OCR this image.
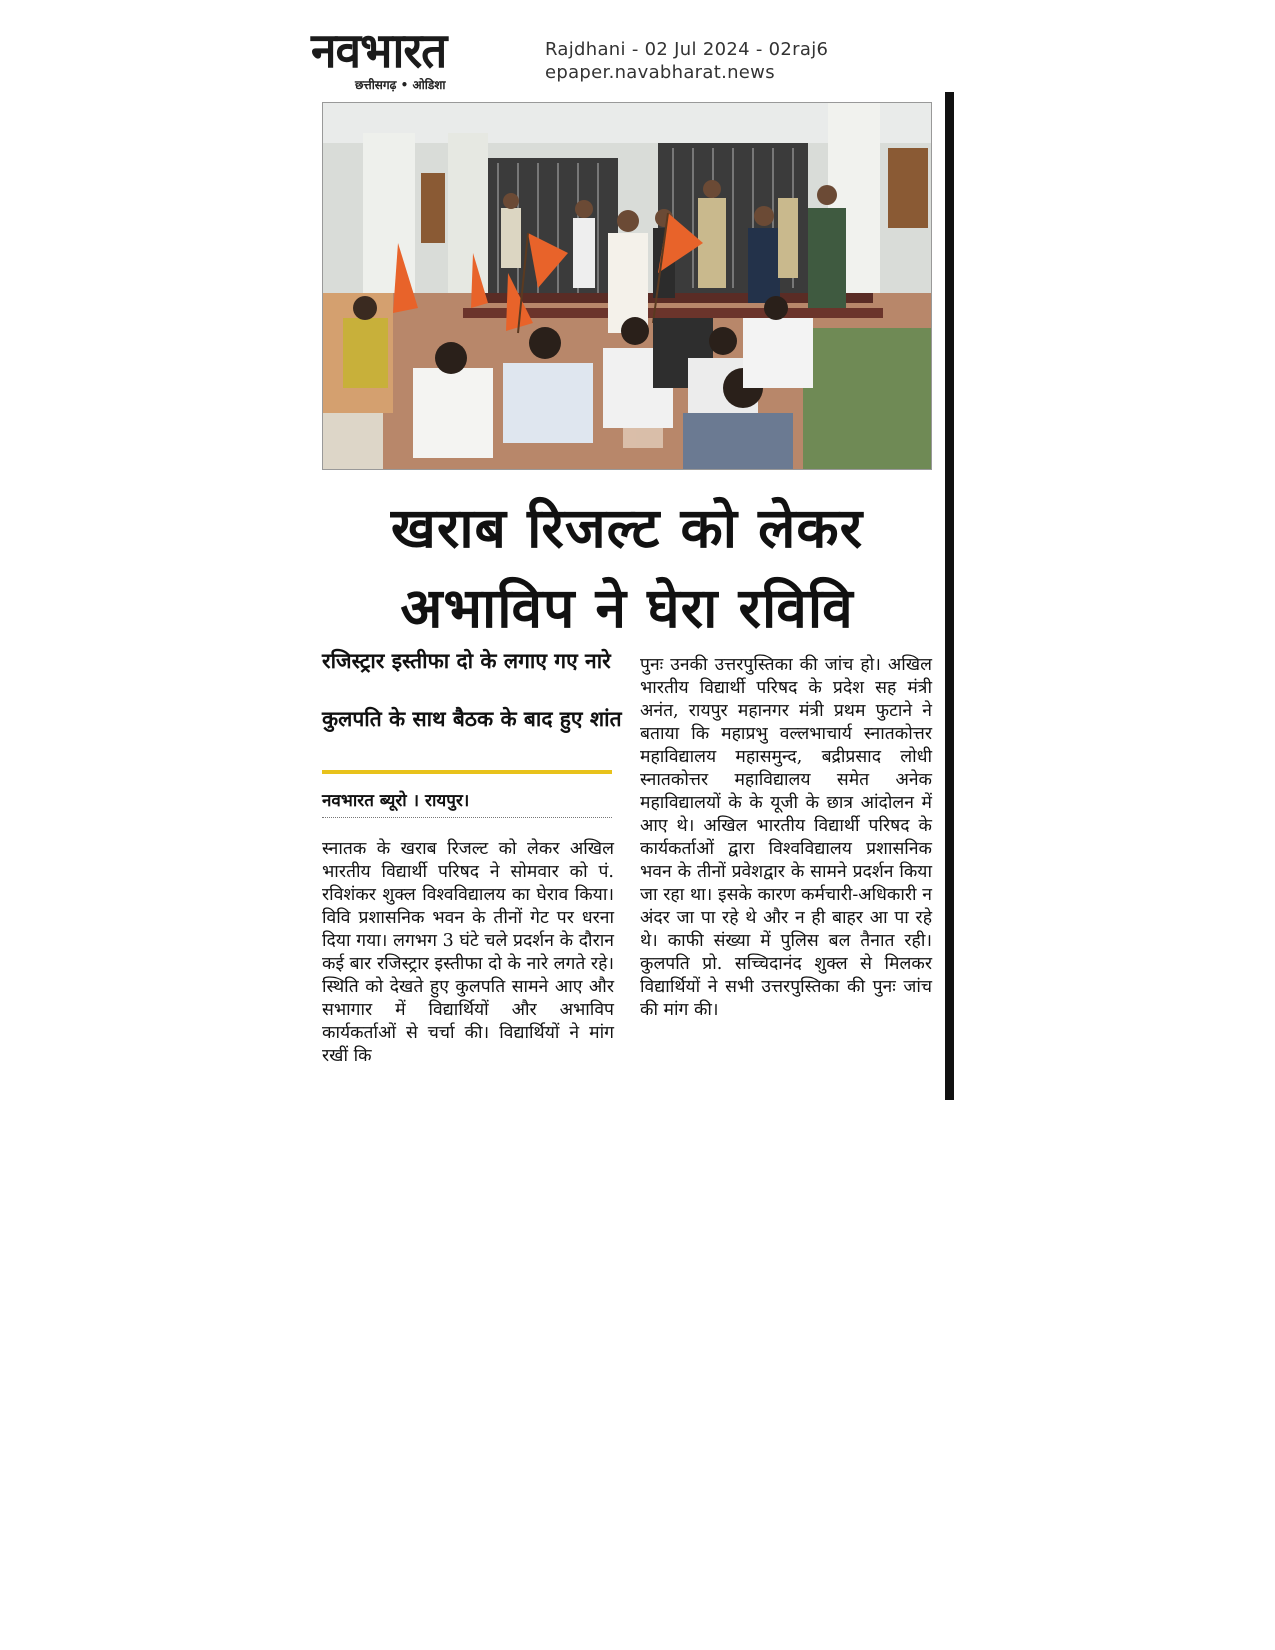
नवभारत
छत्तीसगढ़ • ओडिशा
Rajdhani - 02 Jul 2024 - 02raj6
epaper.navabharat.news
खराब रिजल्ट को लेकर
अभाविप ने घेरा रविवि
रजिस्ट्रार इस्तीफा दो के लगाए गए नारे
कुलपति के साथ बैठक के बाद हुए शांत
नवभारत ब्यूरो । रायपुर।
स्नातक के खराब रिजल्ट को लेकर अखिल भारतीय विद्यार्थी परिषद ने सोमवार को पं. रविशंकर शुक्ल विश्वविद्यालय का घेराव किया। विवि प्रशासनिक भवन के तीनों गेट पर धरना दिया गया। लगभग 3 घंटे चले प्रदर्शन के दौरान कई बार रजिस्ट्रार इस्तीफा दो के नारे लगते रहे। स्थिति को देखते हुए कुलपति सामने आए और सभागार में विद्यार्थियों और अभाविप कार्यकर्ताओं से चर्चा की। विद्यार्थियों ने मांग रखीं कि
पुनः उनकी उत्तरपुस्तिका की जांच हो। अखिल भारतीय विद्यार्थी परिषद के प्रदेश सह मंत्री अनंत, रायपुर महानगर मंत्री प्रथम फुटाने ने बताया कि महाप्रभु वल्लभाचार्य स्नातकोत्तर महाविद्यालय महासमुन्द, बद्रीप्रसाद लोधी स्नातकोत्तर महाविद्यालय समेत अनेक महाविद्यालयों के के यूजी के छात्र आंदोलन में आए थे। अखिल भारतीय विद्यार्थी परिषद के कार्यकर्ताओं द्वारा विश्वविद्यालय प्रशासनिक भवन के तीनों प्रवेशद्वार के सामने प्रदर्शन किया जा रहा था। इसके कारण कर्मचारी-अधिकारी न अंदर जा पा रहे थे और न ही बाहर आ पा रहे थे। काफी संख्या में पुलिस बल तैनात रही। कुलपति प्रो. सच्चिदानंद शुक्ल से मिलकर विद्यार्थियों ने सभी उत्तरपुस्तिका की पुनः जांच की मांग की।
